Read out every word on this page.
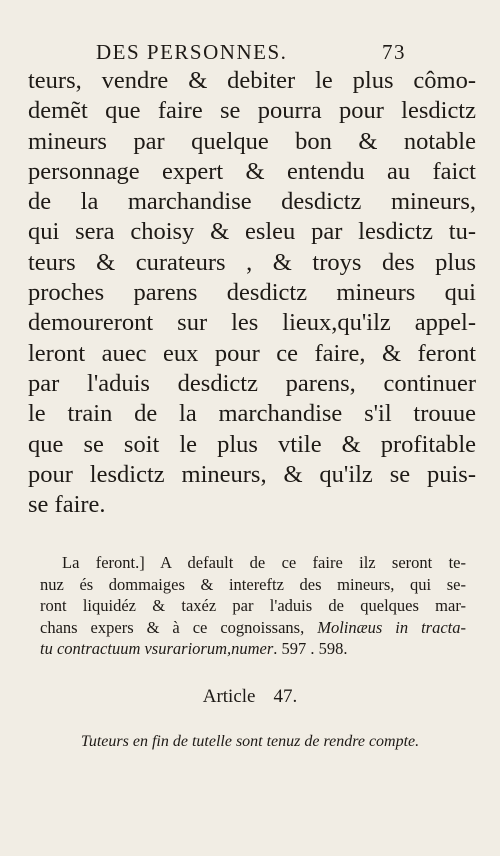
DES PERSONNES.	73
teurs, vendre & debiter le plus cômo-
demẽt que faire se pourra pour lesdictz
mineurs par quelque bon & notable
personnage expert & entendu au faict
de la marchandise desdictz mineurs,
qui sera choisy & esleu par lesdictz tu-
teurs & curateurs , & troys des plus
proches parens desdictz mineurs qui
demoureront sur les lieux,qu'ilz appel-
leront auec eux pour ce faire, & feront
par l'aduis desdictz parens, continuer
le train de la marchandise s'il trouue
que se soit le plus vtile & profitable
pour lesdictz mineurs, & qu'ilz se puis-
se faire.
La feront.] A default de ce faire ilz seront te-
nuz és dommaiges & intereftz des mineurs, qui se-
ront liquidéz & taxéz par l'aduis de quelques mar-
chans expers & à ce cognoissans, Molinæus in tracta-
tu contractuum vsurariorum,numer. 597 . 598.
Article 47.
Tuteurs en fin de tutelle sont tenuz de rendre compte.
